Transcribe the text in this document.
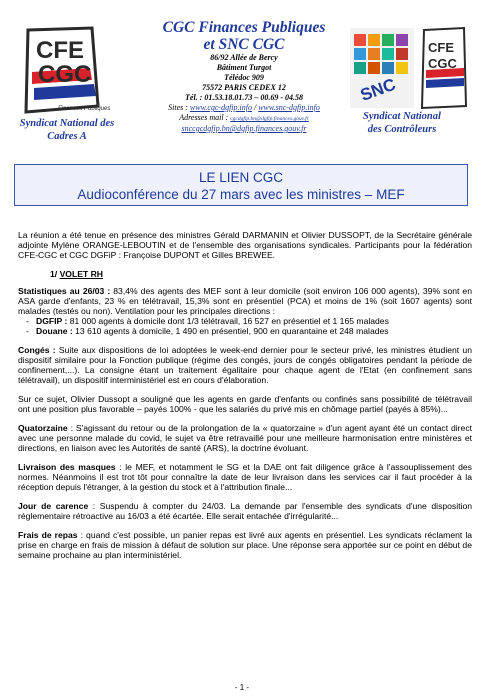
CFE
CGC
Finances Publiques
CGC Finances Publiques
et SNC CGC
86/92 Allée de Bercy
Bâtiment Turgot
Télédoc 909
75572 PARIS CEDEX 12
Tél. : 01.53.18.01.73 – 00.69 - 04.58
Sites : www.cgc-dgfip.info / www.snc-dgfip.info
Adresses mail : cgcdgfip.bn@dgfip.finances.gouv.fr
snccgcdgfip.bn@dgfip.finances.gouv.fr
SNC
CFE
CGC
Syndicat National des
Cadres A
Syndicat National
des Contrôleurs
LE LIEN CGC
Audioconférence du 27 mars avec les ministres – MEF

La réunion a été tenue en présence des ministres Gérald DARMANIN et Olivier DUSSOPT, de la Secrétaire générale adjointe Mylène ORANGE-LEBOUTIN et de l'ensemble des organisations syndicales. Participants pour la fédération CFE-CGC et CGC DGFiP : Françoise DUPONT et Gilles BREWEE.

1/ VOLET RH

Statistiques au 26/03 : 83,4% des agents des MEF sont à leur domicile (soit environ 106 000 agents), 39% sont en ASA garde d'enfants, 23 % en télétravail, 15,3% sont en présentiel (PCA) et moins de 1% (soit 1607 agents) sont malades (testés ou non). Ventilation pour les principales directions :

- DGFIP : 81 000 agents à domicile dont 1/3 télétravail, 16 527 en présentiel et 1 165 malades
- Douane : 13 610 agents à domicile, 1 490 en présentiel, 900 en quarantaine et 248 malades

Congés : Suite aux dispositions de loi adoptées le week-end dernier pour le secteur privé, les ministres étudient un dispositif similaire pour la Fonction publique (régime des congés, jours de congés obligatoires pendant la période de confinement,...). La consigne étant un traitement égalitaire pour chaque agent de l'Etat (en confinement sans télétravail), un dispositif interministériel est en cours d'élaboration.

Sur ce sujet, Olivier Dussopt a souligné que les agents en garde d'enfants ou confinés sans possibilité de télétravail ont une position plus favorable – payés 100% - que les salariés du privé mis en chômage partiel (payés à 85%)...

Quatorzaine : S'agissant du retour ou de la prolongation de la « quatorzaine » d'un agent ayant été un contact direct avec une personne malade du covid, le sujet va être retravaillé pour une meilleure harmonisation entre ministères et directions, en liaison avec les Autorités de santé (ARS), la doctrine évoluant.

Livraison des masques : le MEF, et notamment le SG et la DAE ont fait diligence grâce à l'assouplissement des normes. Néanmoins il est trot tôt pour connaître la date de leur livraison dans les services car il faut procéder à la réception depuis l'étranger, à la gestion du stock et à l'attribution finale...

Jour de carence : Suspendu à compter du 24/03. La demande par l'ensemble des syndicats d'une disposition réglementaire rétroactive au 16/03 a été écartée. Elle serait entachée d'irrégularité...

Frais de repas : quand c'est possible, un panier repas est livré aux agents en présentiel. Les syndicats réclament la prise en charge en frais de mission à défaut de solution sur place. Une réponse sera apportée sur ce point en début de semaine prochaine au plan interministériel.

- 1 -
